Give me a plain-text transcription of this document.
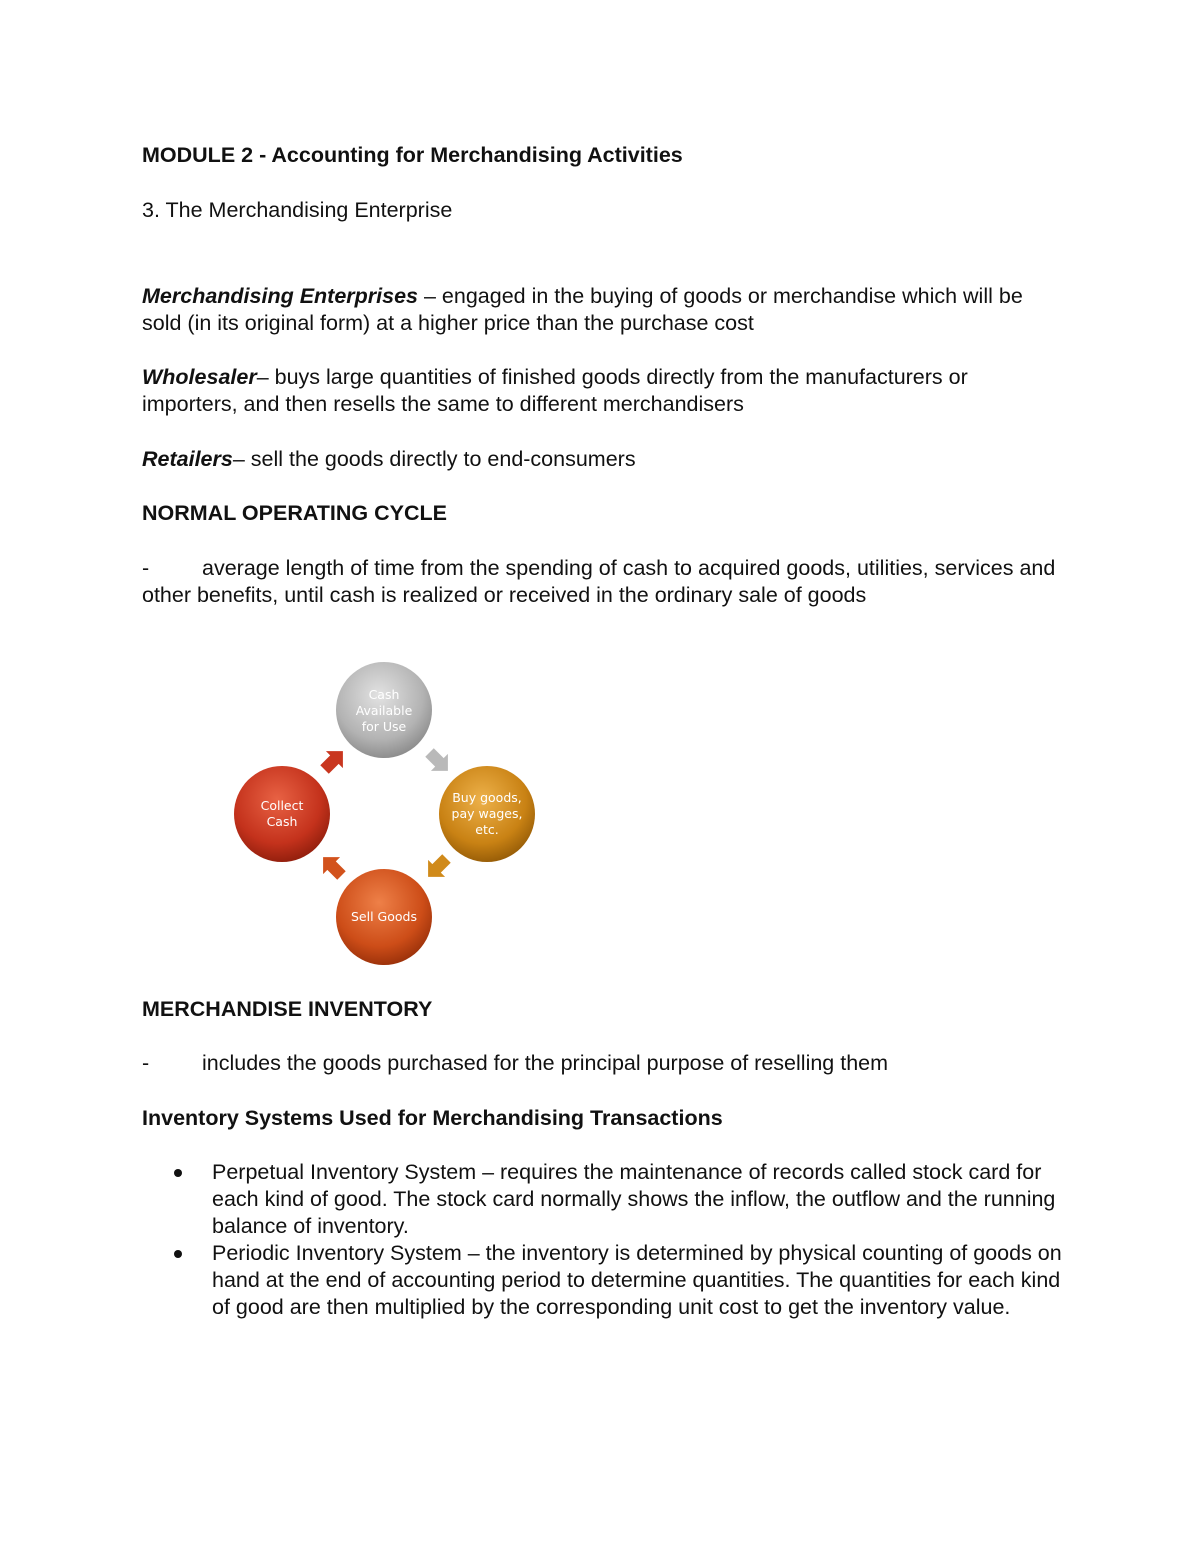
MODULE 2 - Accounting for Merchandising Activities

3. The Merchandising Enterprise

Merchandising Enterprises – engaged in the buying of goods or merchandise which will be sold (in its original form) at a higher price than the purchase cost

Wholesaler– buys large quantities of finished goods directly from the manufacturers or importers, and then resells the same to different merchandisers

Retailers– sell the goods directly to end-consumers

NORMAL OPERATING CYCLE

-	average length of time from the spending of cash to acquired goods, utilities, services and other benefits, until cash is realized or received in the ordinary sale of goods
Cash
Available
for Use
Buy goods,
pay wages,
etc.
Sell Goods
Collect
Cash

MERCHANDISE INVENTORY

-	includes the goods purchased for the principal purpose of reselling them

Inventory Systems Used for Merchandising Transactions

Perpetual Inventory System – requires the maintenance of records called stock card for each kind of good. The stock card normally shows the inflow, the outflow and the running balance of inventory.
Periodic Inventory System – the inventory is determined by physical counting of goods on hand at the end of accounting period to determine quantities. The quantities for each kind of good are then multiplied by the corresponding unit cost to get the inventory value.
